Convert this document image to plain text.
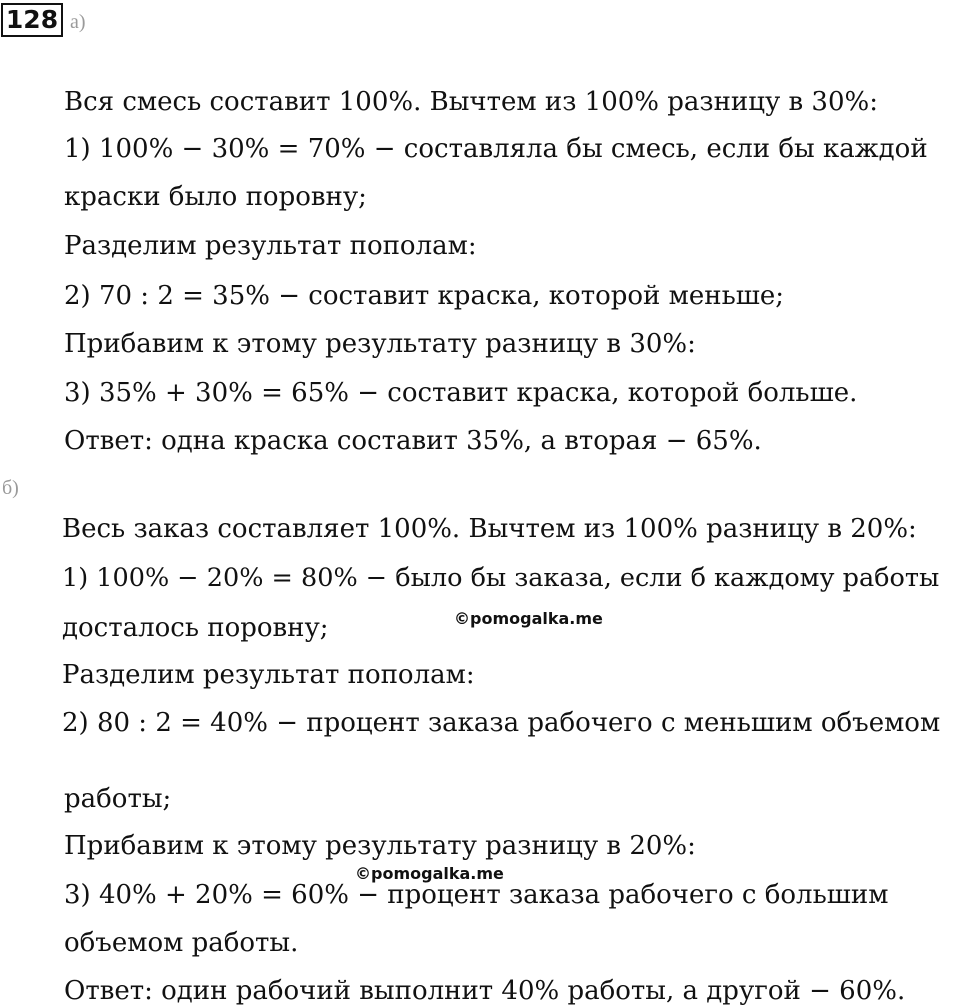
128 а)
Вся смесь составит 100%. Вычтем из 100% разницу в 30%:
1) 100% − 30% = 70% − составляла бы смесь, если бы каждой
краски было поровну;
Разделим результат пополам:
2) 70 : 2 = 35% − составит краска, которой меньше;
Прибавим к этому результату разницу в 30%:
3) 35% + 30% = 65% − составит краска, которой больше.
Ответ: одна краска составит 35%, а вторая − 65%.
б)
Весь заказ составляет 100%. Вычтем из 100% разницу в 20%:
1) 100% − 20% = 80% − было бы заказа, если б каждому работы
досталось поровну;
Разделим результат пополам:
2) 80 : 2 = 40% − процент заказа рабочего с меньшим объемом
работы;
Прибавим к этому результату разницу в 20%:
3) 40% + 20% = 60% − процент заказа рабочего с большим
объемом работы.
Ответ: один рабочий выполнит 40% работы, а другой − 60%.
©pomogalka.me
©pomogalka.me
